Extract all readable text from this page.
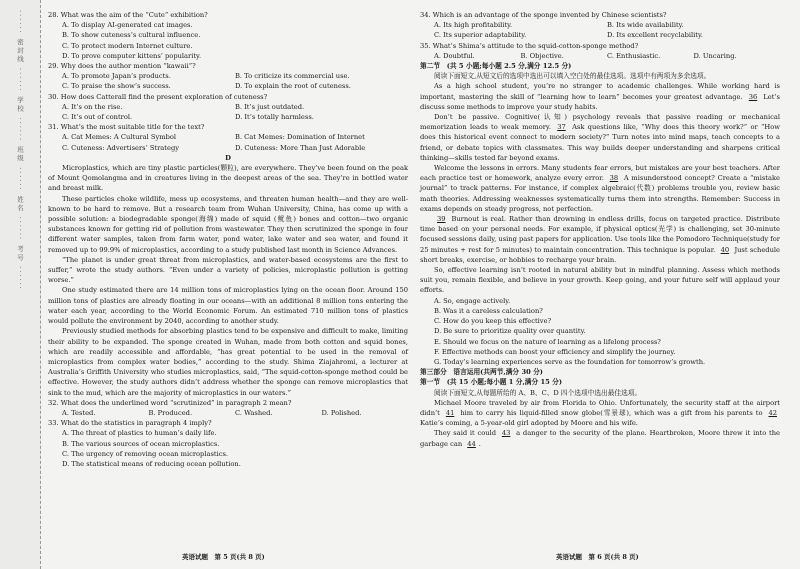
······ 密封线 ······ 学校 ······ 班级 ······ 姓名 ······ 考号 ······	28. What was the aim of the “Cute” exhibition?

A. To display AI-generated cat images.
B. To show cuteness’s cultural influence.
C. To protect modern Internet culture.
D. To prove computer kittens’ popularity.

29. Why does the author mention “kawaii”?

A. To promote Japan’s products.	B. To criticize its commercial use.
C. To praise the show’s success.	D. To explain the root of cuteness.

30. How does Catterall find the present exploration of cuteness?

A. It’s on the rise.	B. It’s just outdated.
C. It’s out of control.	D. It’s totally harmless.

31. What’s the most suitable title for the text?

A. Cat Memes: A Cultural Symbol	B. Cat Memes: Domination of Internet
C. Cuteness: Advertisers’ Strategy	D. Cuteness: More Than Just Adorable
D

Microplastics, which are tiny plastic particles(颗粒), are everywhere. They’ve been found on the peak of Mount Qomolangma and in creatures living in the deepest areas of the sea. They’re in bottled water and breast milk.

These particles choke wildlife, mess up ecosystems, and threaten human health—and they are well-known to be hard to remove. But a research team from Wuhan University, China, has come up with a possible solution: a biodegradable sponge(海绵) made of squid (鱿鱼) bones and cotton—two organic substances known for getting rid of pollution from wastewater. They then scrutinized the sponge in four different water samples, taken from farm water, pond water, lake water and sea water, and found it removed up to 99.9% of microplastics, according to a study published last month in Science Advances.

“The planet is under great threat from microplastics, and water-based ecosystems are the first to suffer,” wrote the study authors. “Even under a variety of policies, microplastic pollution is getting worse.”

One study estimated there are 14 million tons of microplastics lying on the ocean floor. Around 150 million tons of plastics are already floating in our oceans—with an additional 8 million tons entering the water each year, according to the World Economic Forum. An estimated 710 million tons of plastics would pollute the environment by 2040, according to another study.

Previously studied methods for absorbing plastics tend to be expensive and difficult to make, limiting their ability to be expanded. The sponge created in Wuhan, made from both cotton and squid bones, which are readily accessible and affordable, “has great potential to be used in the removal of microplastics from complex water bodies,” according to the study. Shima Ziajahromi, a lecturer at Australia’s Griffith University who studies microplastics, said, “The squid-cotton-sponge method could be effective. However, the study authors didn’t address whether the sponge can remove microplastics that sink to the mud, which are the majority of microplastics in our waters.”

32. What does the underlined word “scrutinized” in paragraph 2 mean?

A. Tested.	B. Produced.	C. Washed.	D. Polished.

33. What do the statistics in paragraph 4 imply?

A. The threat of plastics to human’s daily life.
B. The various sources of ocean microplastics.
C. The urgency of removing ocean microplastics.
D. The statistical means of reducing ocean pollution.

34. Which is an advantage of the sponge invented by Chinese scientists?

A. Its high profitability.	B. Its wide availability.
C. Its superior adaptability.	D. Its excellent recyclability.

35. What’s Shima’s attitude to the squid-cotton-sponge method?

A. Doubtful.	B. Objective.	C. Enthusiastic.	D. Uncaring.

第二节　(共 5 小题;每小题 2.5 分,满分 12.5 分)

阅读下面短文,从短文后的选项中选出可以填入空白处的最佳选项。选项中有两项为多余选项。

As a high school student, you’re no stranger to academic challenges. While working hard is important, mastering the skill of “learning how to learn” becomes your greatest advantage. 36 Let’s discuss some methods to improve your study habits.

Don’t be passive. Cognitive(认知) psychology reveals that passive reading or mechanical memorization leads to weak memory. 37 Ask questions like, “Why does this theory work?” or “How does this historical event connect to modern society?” Turn notes into mind maps, teach concepts to a friend, or debate topics with classmates. This way builds deeper understanding and sharpens critical thinking—skills tested far beyond exams.

Welcome the lessons in errors. Many students fear errors, but mistakes are your best teachers. After each practice test or homework, analyze every error. 38 A misunderstood concept? Create a “mistake journal” to track patterns. For instance, if complex algebraic(代数) problems trouble you, review basic math theories. Addressing weaknesses systematically turns them into strengths. Remember: Success in exams depends on steady progress, not perfection.

39 Burnout is real. Rather than drowning in endless drills, focus on targeted practice. Distribute time based on your personal needs. For example, if physical optics(光学) is challenging, set 30-minute focused sessions daily, using past papers for application. Use tools like the Pomodoro Technique(study for 25 minutes + rest for 5 minutes) to maintain concentration. This technique is popular. 40 Just schedule short breaks, exercise, or hobbies to recharge your brain.

So, effective learning isn’t rooted in natural ability but in mindful planning. Assess which methods suit you, remain flexible, and believe in your growth. Keep going, and your future self will applaud your efforts.

A. So, engage actively.
B. Was it a careless calculation?
C. How do you keep this effective?
D. Be sure to prioritize quality over quantity.
E. Should we focus on the nature of learning as a lifelong process?
F. Effective methods can boost your efficiency and simplify the journey.
G. Today’s learning experiences serve as the foundation for tomorrow’s growth.

第三部分　语言运用(共两节,满分 30 分)

第一节　(共 15 小题;每小题 1 分,满分 15 分)

阅读下面短文,从每题所给的 A、B、C、D 四个选项中选出最佳选项。

Michael Moore traveled by air from Florida to Ohio. Unfortunately, the security staff at the airport didn’t 41 him to carry his liquid-filled snow globe(雪景球), which was a gift from his parents to 42 Katie’s coming, a 5-year-old girl adopted by Moore and his wife.

They said it could 43 a danger to the security of the plane. Heartbroken, Moore threw it into the garbage can 44 .

英语试题　第 5 页(共 8 页)	英语试题　第 6 页(共 8 页)
